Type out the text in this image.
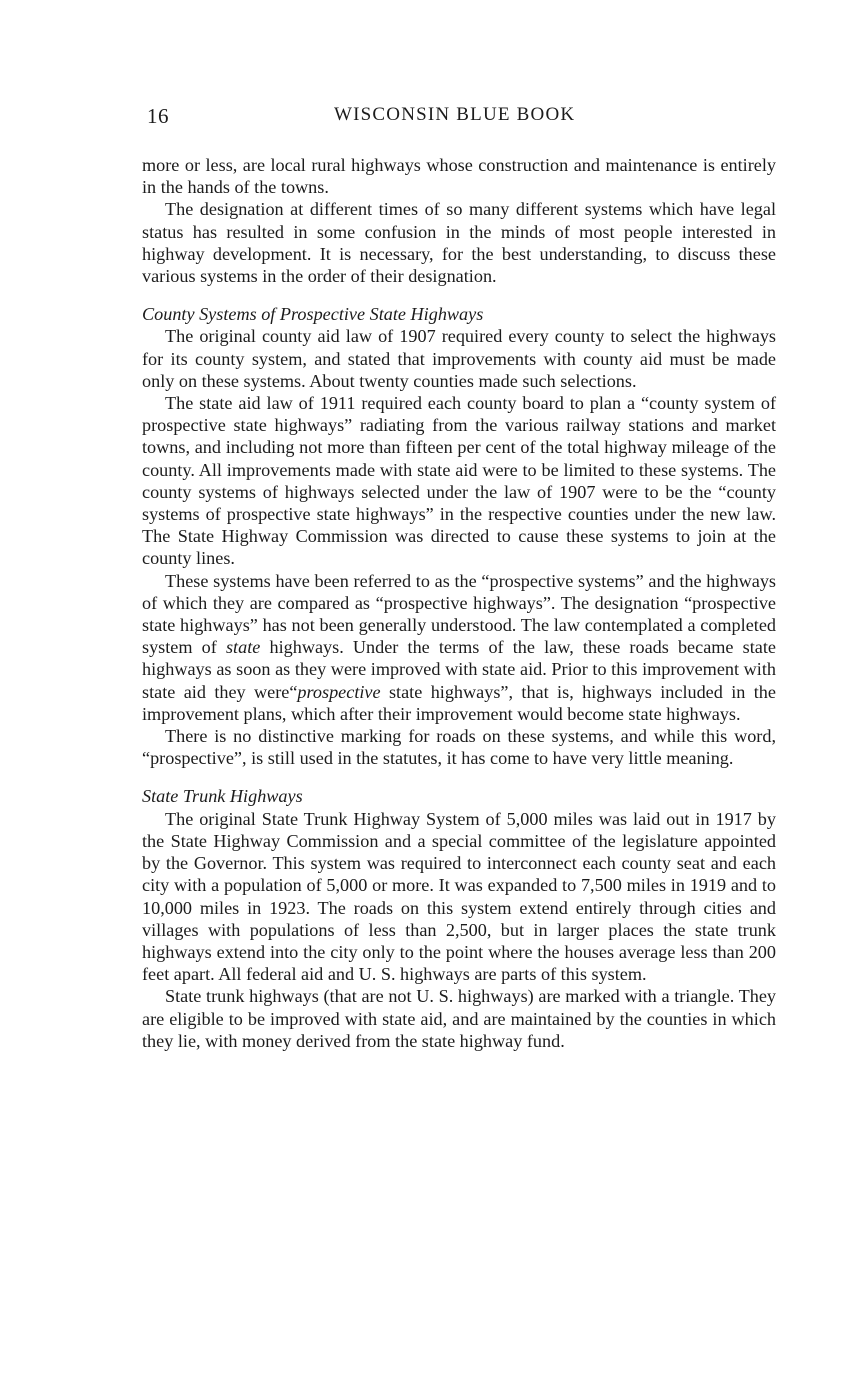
16	WISCONSIN BLUE BOOK

more or less, are local rural highways whose construction and maintenance is entirely in the hands of the towns.

The designation at different times of so many different systems which have legal status has resulted in some confusion in the minds of most people interested in highway development. It is necessary, for the best understanding, to discuss these various systems in the order of their designation.

County Systems of Prospective State Highways

The original county aid law of 1907 required every county to select the highways for its county system, and stated that improvements with county aid must be made only on these systems. About twenty counties made such selections.

The state aid law of 1911 required each county board to plan a “county system of prospective state highways” radiating from the various railway stations and market towns, and including not more than fifteen per cent of the total highway mileage of the county. All improvements made with state aid were to be limited to these systems. The county systems of highways selected under the law of 1907 were to be the “county systems of prospective state highways” in the respective counties under the new law. The State Highway Commission was directed to cause these systems to join at the county lines.

These systems have been referred to as the “prospective systems” and the highways of which they are compared as “prospective highways”. The designation “prospective state highways” has not been generally understood. The law contemplated a completed system of state highways. Under the terms of the law, these roads became state highways as soon as they were improved with state aid. Prior to this improvement with state aid they were“prospective state highways”, that is, highways included in the improvement plans, which after their improvement would become state highways.

There is no distinctive marking for roads on these systems, and while this word, “prospective”, is still used in the statutes, it has come to have very little meaning.

State Trunk Highways

The original State Trunk Highway System of 5,000 miles was laid out in 1917 by the State Highway Commission and a special committee of the legislature appointed by the Governor. This system was required to interconnect each county seat and each city with a population of 5,000 or more. It was expanded to 7,500 miles in 1919 and to 10,000 miles in 1923. The roads on this system extend entirely through cities and villages with populations of less than 2,500, but in larger places the state trunk highways extend into the city only to the point where the houses average less than 200 feet apart. All federal aid and U. S. highways are parts of this system.

State trunk highways (that are not U. S. highways) are marked with a triangle. They are eligible to be improved with state aid, and are maintained by the counties in which they lie, with money derived from the state highway fund.
